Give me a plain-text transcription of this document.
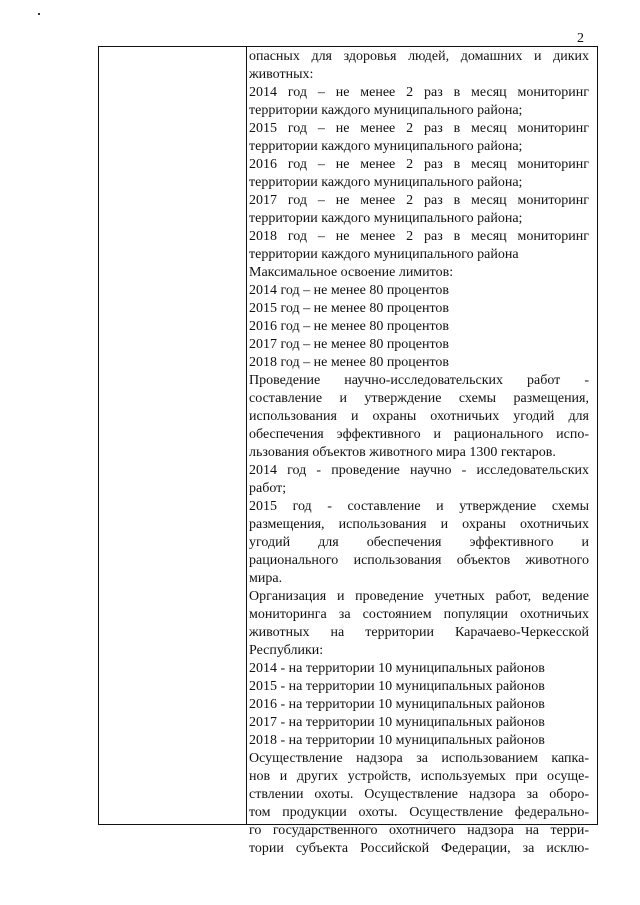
2
опасных для здоровья людей, домашних и диких
животных:
2014 год – не менее 2 раз в месяц мониторинг
территории каждого муниципального района;
2015 год – не менее 2 раз в месяц мониторинг
территории каждого муниципального района;
2016 год – не менее 2 раз в месяц мониторинг
территории каждого муниципального района;
2017 год – не менее 2 раз в месяц мониторинг
территории каждого муниципального района;
2018 год – не менее 2 раз в месяц мониторинг
территории каждого муниципального района
Максимальное освоение лимитов:
2014 год – не менее 80 процентов
2015 год – не менее 80 процентов
2016 год – не менее 80 процентов
2017 год – не менее 80 процентов
2018 год – не менее 80 процентов
Проведение научно-исследовательских работ -
составление и утверждение схемы размещения,
использования и охраны охотничьих угодий для
обеспечения эффективного и рационального испо-
льзования объектов животного мира 1300 гектаров.
2014 год - проведение научно - исследовательских
работ;
2015 год - составление и утверждение схемы
размещения, использования и охраны охотничьих
угодий для обеспечения эффективного и
рационального использования объектов животного
мира.
Организация и проведение учетных работ, ведение
мониторинга за состоянием популяции охотничьих
животных на территории Карачаево-Черкесской
Республики:
2014 - на территории 10 муниципальных районов
2015 - на территории 10 муниципальных районов
2016 - на территории 10 муниципальных районов
2017 - на территории 10 муниципальных районов
2018 - на территории 10 муниципальных районов
Осуществление надзора за использованием капка-
нов и других устройств, используемых при осуще-
ствлении охоты. Осуществление надзора за оборо-
том продукции охоты. Осуществление федерально-
го государственного охотничего надзора на терри-
тории субъекта Российской Федерации, за исклю-
